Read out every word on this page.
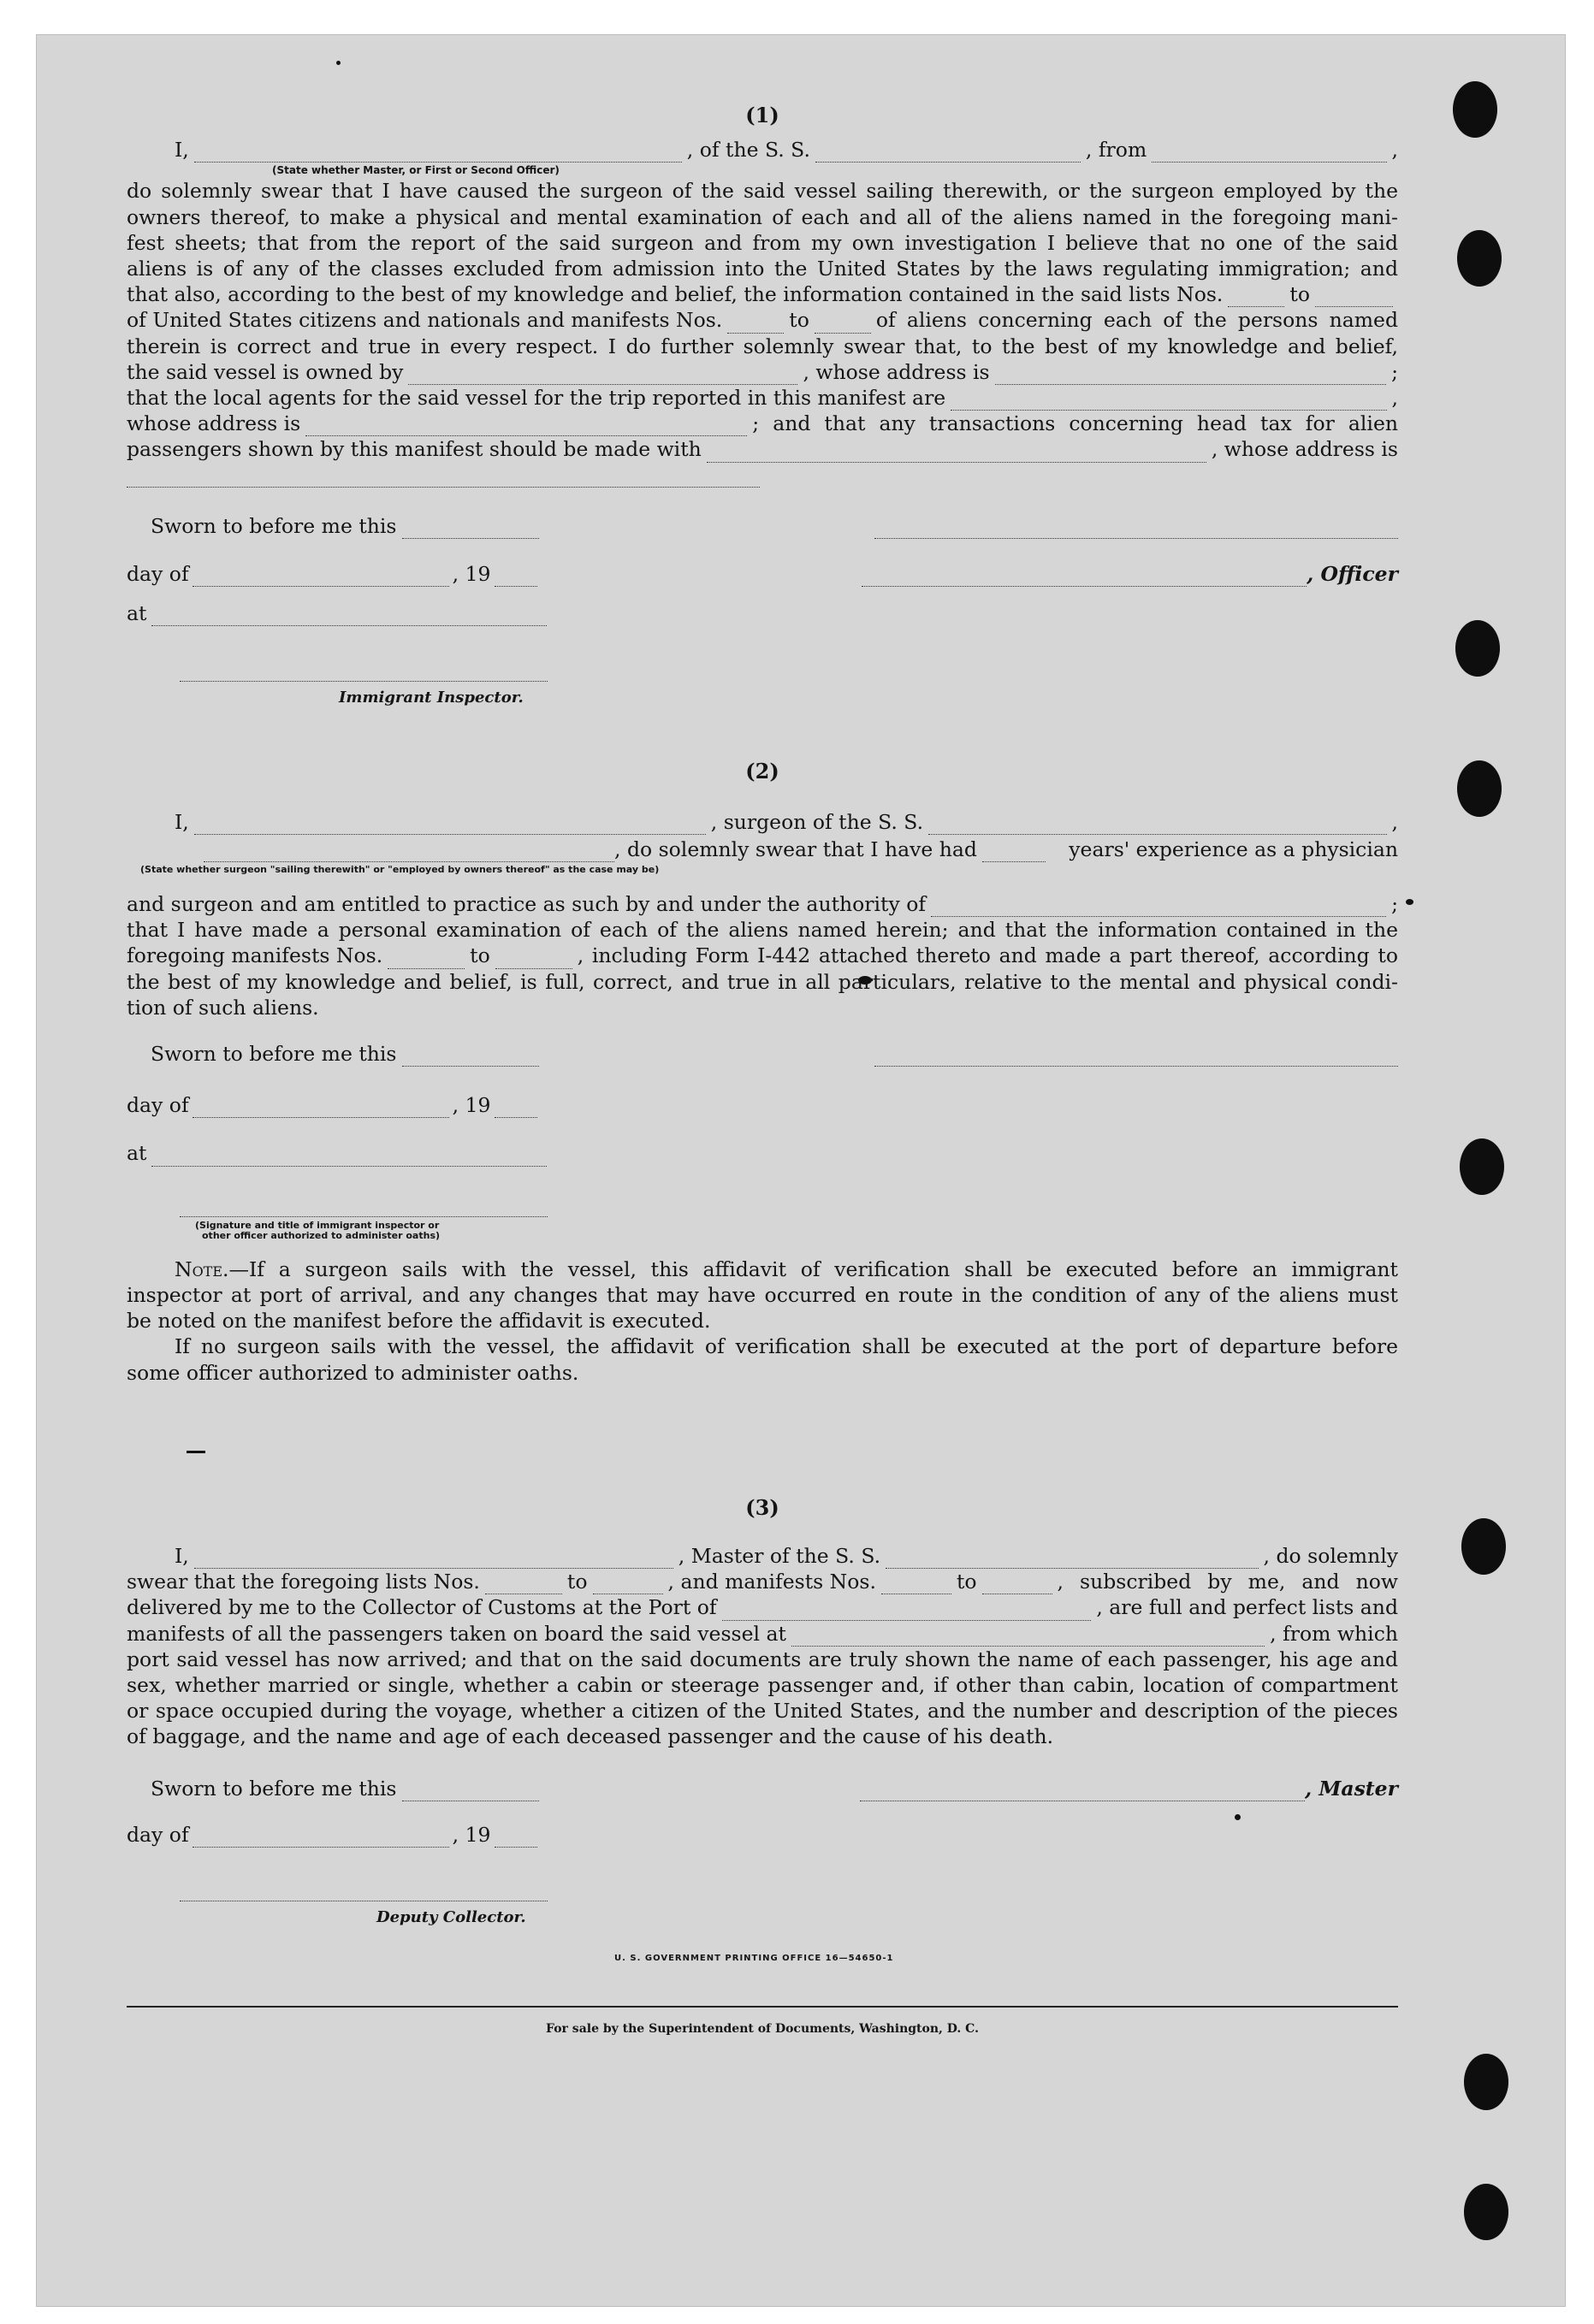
(1)
I,	, of the S. S.	, from	,
(State whether Master, or First or Second Officer)
do solemnly swear that I have caused the surgeon of the said vessel sailing therewith, or the surgeon employed by the
owners thereof, to make a physical and mental examination of each and all of the aliens named in the foregoing mani-
fest sheets; that from the report of the said surgeon and from my own investigation I believe that no one of the said
aliens is of any of the classes excluded from admission into the United States by the laws regulating immigration; and
that also, according to the best of my knowledge and belief, the information contained in the said lists Nos.	to
of United States citizens and nationals and manifests Nos.	to	of aliens concerning each of the persons named
therein is correct and true in every respect. I do further solemnly swear that, to the best of my knowledge and belief,
the said vessel is owned by	, whose address is	;
that the local agents for the said vessel for the trip reported in this manifest are	,
whose address is	; and that any transactions concerning head tax for alien
passengers shown by this manifest should be made with	, whose address is
Sworn to before me this
day of	, 19	, Officer
at
Immigrant Inspector.
(2)
I,	, surgeon of the S. S.	,
, do solemnly swear that I have had	years' experience as a physician
(State whether surgeon "sailing therewith" or "employed by owners thereof" as the case may be)
and surgeon and am entitled to practice as such by and under the authority of	;
that I have made a personal examination of each of the aliens named herein; and that the information contained in the
foregoing manifests Nos.	to	, including Form I-442 attached thereto and made a part thereof, according to
the best of my knowledge and belief, is full, correct, and true in all particulars, relative to the mental and physical condi-
tion of such aliens.
Sworn to before me this
day of	, 19
at
(Signature and title of immigrant inspector or
other officer authorized to administer oaths)
Note.—If a surgeon sails with the vessel, this affidavit of verification shall be executed before an immigrant
inspector at port of arrival, and any changes that may have occurred en route in the condition of any of the aliens must
be noted on the manifest before the affidavit is executed.
If no surgeon sails with the vessel, the affidavit of verification shall be executed at the port of departure before
some officer authorized to administer oaths.
(3)
I,	, Master of the S. S.	, do solemnly
swear that the foregoing lists Nos.	to	, and manifests Nos.	to	, subscribed by me, and now
delivered by me to the Collector of Customs at the Port of	, are full and perfect lists and
manifests of all the passengers taken on board the said vessel at	, from which
port said vessel has now arrived; and that on the said documents are truly shown the name of each passenger, his age and
sex, whether married or single, whether a cabin or steerage passenger and, if other than cabin, location of compartment
or space occupied during the voyage, whether a citizen of the United States, and the number and description of the pieces
of baggage, and the name and age of each deceased passenger and the cause of his death.
Sworn to before me this	, Master
day of	, 19
Deputy Collector.
U. S. GOVERNMENT PRINTING OFFICE 16—54650-1
For sale by the Superintendent of Documents, Washington, D. C.
